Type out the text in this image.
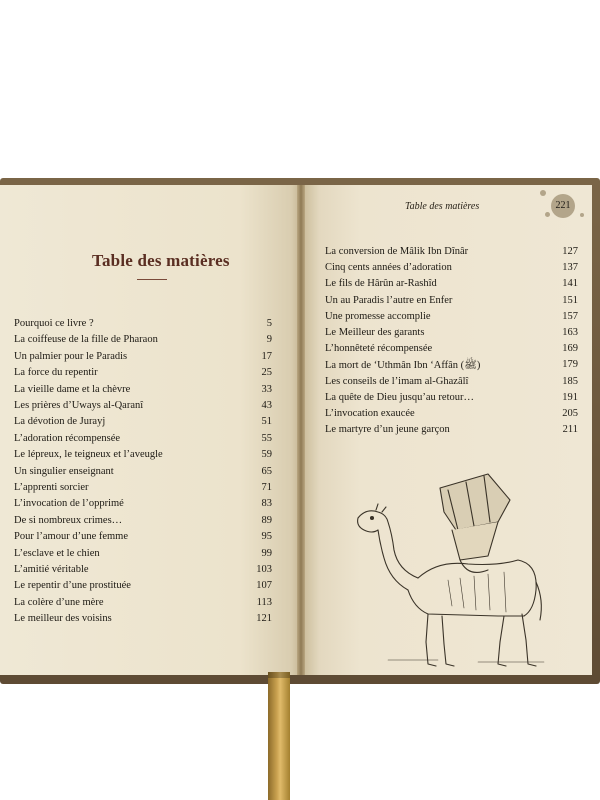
Table des matières
Pourquoi ce livre ?	5
La coiffeuse de la fille de Pharaon	9
Un palmier pour le Paradis	17
La force du repentir	25
La vieille dame et la chèvre	33
Les prières d’Uways al-Qaranî	43
La dévotion de Jurayj	51
L’adoration récompensée	55
Le lépreux, le teigneux et l’aveugle	59
Un singulier enseignant	65
L’apprenti sorcier	71
L’invocation de l’opprimé	83
De si nombreux crimes…	89
Pour l’amour d’une femme	95
L’esclave et le chien	99
L’amitié véritable	103
Le repentir d’une prostituée	107
La colère d’une mère	113
Le meilleur des voisins	121
Table des matières	221
La conversion de Mâlik Ibn Dînâr	127
Cinq cents années d’adoration	137
Le fils de Hârûn ar-Rashîd	141
Un au Paradis l’autre en Enfer	151
Une promesse accomplie	157
Le Meilleur des garants	163
L’honnêteté récompensée	169
La mort de ‘Uthmân Ibn ‘Affân (ﷺ)	179
Les conseils de l’imam al-Ghazâlî	185
La quête de Dieu jusqu’au retour…	191
L’invocation exaucée	205
Le martyre d’un jeune garçon	211
